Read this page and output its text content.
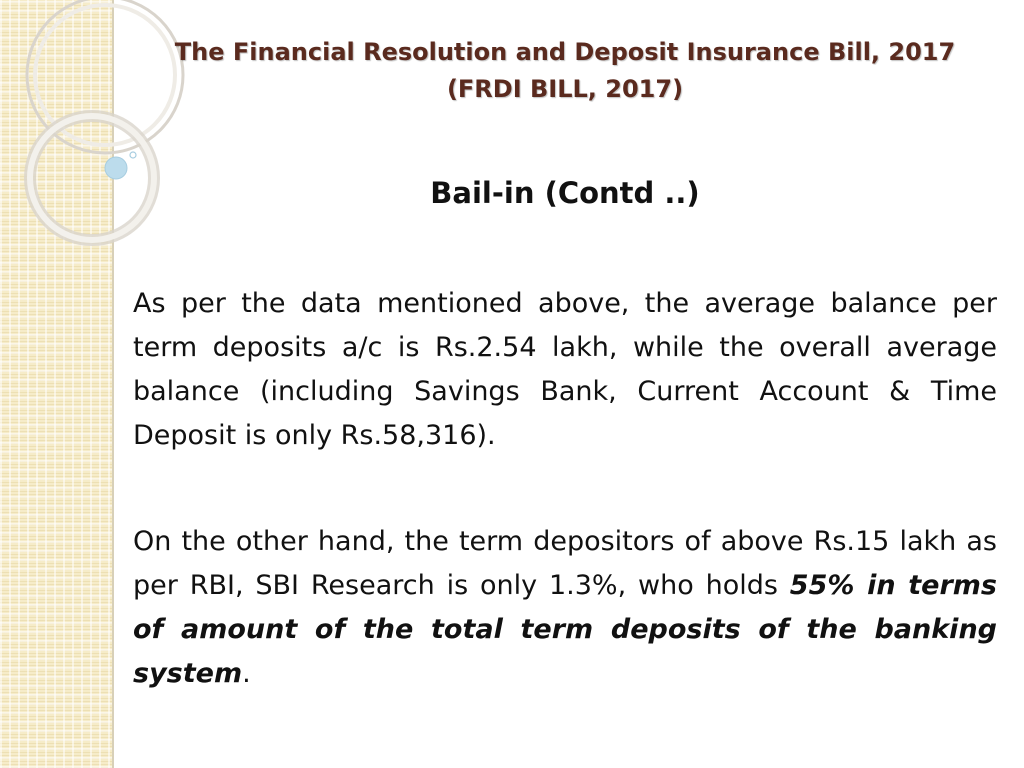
The Financial Resolution and Deposit Insurance Bill, 2017
(FRDI BILL, 2017)
Bail-in (Contd ..)

As per the data mentioned above, the average balance per term deposits a/c is Rs.2.54 lakh, while the overall average balance (including Savings Bank, Current Account & Time Deposit is only Rs.58,316).

On the other hand, the term depositors of above Rs.15 lakh as per RBI, SBI Research is only 1.3%, who holds 55% in terms of amount of the total term deposits of the banking system.
